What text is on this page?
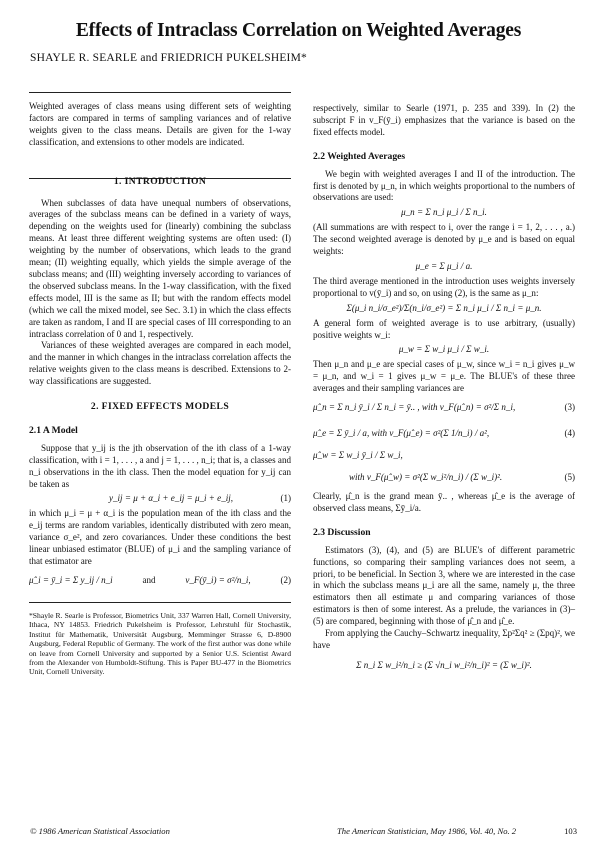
Effects of Intraclass Correlation on Weighted Averages
SHAYLE R. SEARLE and FRIEDRICH PUKELSHEIM*

Weighted averages of class means using different sets of weighting factors are compared in terms of sampling variances and of relative weights given to the class means. Details are given for the 1-way classification, and extensions to other models are indicated.

1. INTRODUCTION

When subclasses of data have unequal numbers of observations, averages of the subclass means can be defined in a variety of ways, depending on the weights used for (linearly) combining the subclass means. At least three different weighting systems are often used: (I) weighting by the number of observations, which leads to the grand mean; (II) weighting equally, which yields the simple average of the subclass means; and (III) weighting inversely according to variances of the observed subclass means. In the 1-way classification, with the fixed effects model, III is the same as II; but with the random effects model (which we call the mixed model, see Sec. 3.1) in which the class effects are taken as random, I and II are special cases of III corresponding to an intraclass correlation of 0 and 1, respectively.

Variances of these weighted averages are compared in each model, and the manner in which changes in the intraclass correlation affects the relative weights given to the class means is described. Extensions to 2-way classifications are suggested.

2. FIXED EFFECTS MODELS
2.1 A Model

Suppose that y_ij is the jth observation of the ith class of a 1-way classification, with i = 1, . . . , a and j = 1, . . . , n_i; that is, a classes and n_i observations in the ith class. Then the model equation for y_ij can be taken as

y_ij = μ + α_i + e_ij = μ_i + e_ij,	(1)

in which μ_i = μ + α_i is the population mean of the ith class and the e_ij terms are random variables, identically distributed with zero mean, variance σ_e², and zero covariances. Under these conditions the best linear unbiased estimator (BLUE) of μ_i and the sampling variance of that estimator are

μ̂_i = ȳ_i = Σ y_ij / n_i	and	v_F(ȳ_i) = σ²/n_i,	(2)
*Shayle R. Searle is Professor, Biometrics Unit, 337 Warren Hall, Cornell University, Ithaca, NY 14853. Friedrich Pukelsheim is Professor, Lehrstuhl für Stochastik, Institut für Mathematik, Universität Augsburg, Memminger Strasse 6, D-8900 Augsburg, Federal Republic of Germany. The work of the first author was done while on leave from Cornell University and supported by a Senior U.S. Scientist Award from the Alexander von Humboldt-Stiftung. This is Paper BU-477 in the Biometrics Unit, Cornell University.

respectively, similar to Searle (1971, p. 235 and 339). In (2) the subscript F in v_F(ȳ_i) emphasizes that the variance is based on the fixed effects model.

2.2 Weighted Averages

We begin with weighted averages I and II of the introduction. The first is denoted by μ_n, in which weights proportional to the numbers of observations are used:

μ_n = Σ n_i μ_i / Σ n_i.

(All summations are with respect to i, over the range i = 1, 2, . . . , a.) The second weighted average is denoted by μ_e and is based on equal weights:

μ_e = Σ μ_i / a.

The third average mentioned in the introduction uses weights inversely proportional to v(ȳ_i) and so, on using (2), is the same as μ_n:

Σ(μ_i n_i/σ_e²)/Σ(n_i/σ_e²) = Σ n_i μ_i / Σ n_i = μ_n.

A general form of weighted average is to use arbitrary, (usually) positive weights w_i:

μ_w = Σ w_i μ_i / Σ w_i.

Then μ_n and μ_e are special cases of μ_w, since w_i = n_i gives μ_w = μ_n, and w_i = 1 gives μ_w = μ_e. The BLUE's of these three averages and their sampling variances are

μ̂_n = Σ n_i ȳ_i / Σ n_i = ȳ.. , with v_F(μ̂_n) = σ²/Σ n_i,	(3)
μ̂_e = Σ ȳ_i / a, with v_F(μ̂_e) = σ²(Σ 1/n_i) / a²,	(4)
μ̂_w = Σ w_i ȳ_i / Σ w_i,
with v_F(μ̂_w) = σ²(Σ w_i²/n_i) / (Σ w_i)².	(5)

Clearly, μ̂_n is the grand mean ȳ.. , whereas μ̂_e is the average of observed class means, Σȳ_i/a.

2.3 Discussion

Estimators (3), (4), and (5) are BLUE's of different parametric functions, so comparing their sampling variances does not seem, a priori, to be beneficial. In Section 3, where we are interested in the case in which the subclass means μ_i are all the same, namely μ, the three estimators then all estimate μ and comparing variances of those estimators is then of some interest. As a prelude, the variances in (3)–(5) are compared, beginning with those of μ̂_n and μ̂_e.

From applying the Cauchy–Schwartz inequality, Σp²Σq² ≥ (Σpq)², we have

Σ n_i Σ w_i²/n_i ≥ (Σ √n_i w_i²/n_i)² = (Σ w_i)².
© 1986 American Statistical Association	The American Statistician, May 1986, Vol. 40, No. 2	103
